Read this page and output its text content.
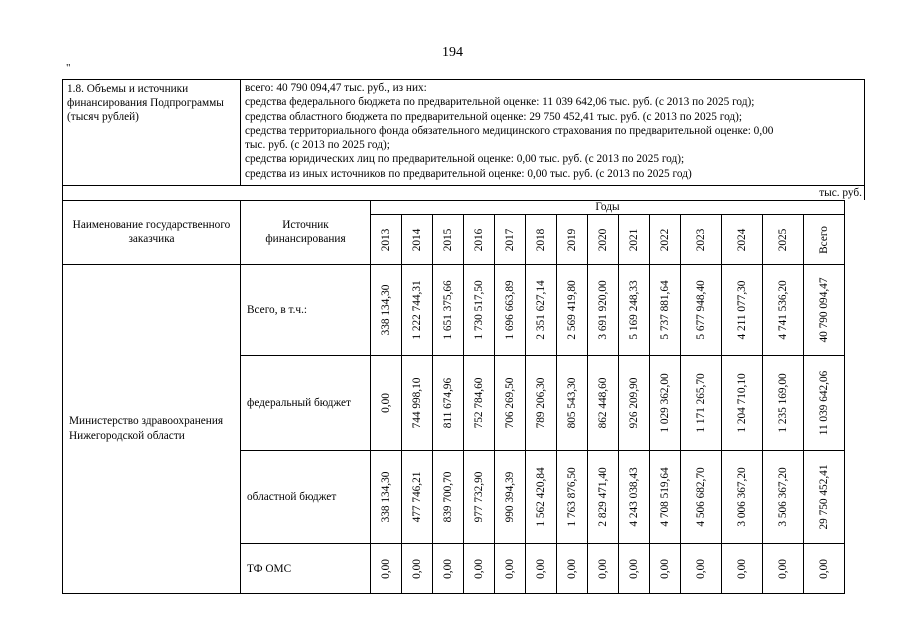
194
"
1.8. Объемы и источники финансирования Подпрограммы (тысяч рублей)
всего: 40 790 094,47 тыс. руб., из них:
средства федерального бюджета по предварительной оценке: 11 039 642,06 тыс. руб. (с 2013 по 2025 год);
средства областного бюджета по предварительной оценке: 29 750 452,41 тыс. руб. (с 2013 по 2025 год);
средства территориального фонда обязательного медицинского страхования по предварительной оценке: 0,00
тыс. руб. (с 2013 по 2025 год);
средства юридических лиц по предварительной оценке: 0,00 тыс. руб. (с 2013 по 2025 год);
средства из иных источников по предварительной оценке: 0,00 тыс. руб. (с 2013 по 2025 год)
тыс. руб.
Наименование государственного заказчика	Источник финансирования	Годы													

		2013	2014	2015	2016	2017	2018	2019	2020	2021	2022	2023	2024	2025	Всего

Министерство здравоохранения Нижегородской области	Всего, в т.ч.:	338 134,30	1 222 744,31	1 651 375,66	1 730 517,50	1 696 663,89	2 351 627,14	2 569 419,80	3 691 920,00	5 169 248,33	5 737 881,64	5 677 948,40	4 211 077,30	4 741 536,20	40 790 094,47

	федеральный бюджет	0,00	744 998,10	811 674,96	752 784,60	706 269,50	789 206,30	805 543,30	862 448,60	926 209,90	1 029 362,00	1 171 265,70	1 204 710,10	1 235 169,00	11 039 642,06

	областной бюджет	338 134,30	477 746,21	839 700,70	977 732,90	990 394,39	1 562 420,84	1 763 876,50	2 829 471,40	4 243 038,43	4 708 519,64	4 506 682,70	3 006 367,20	3 506 367,20	29 750 452,41

	ТФ ОМС	0,00	0,00	0,00	0,00	0,00	0,00	0,00	0,00	0,00	0,00	0,00	0,00	0,00	0,00
